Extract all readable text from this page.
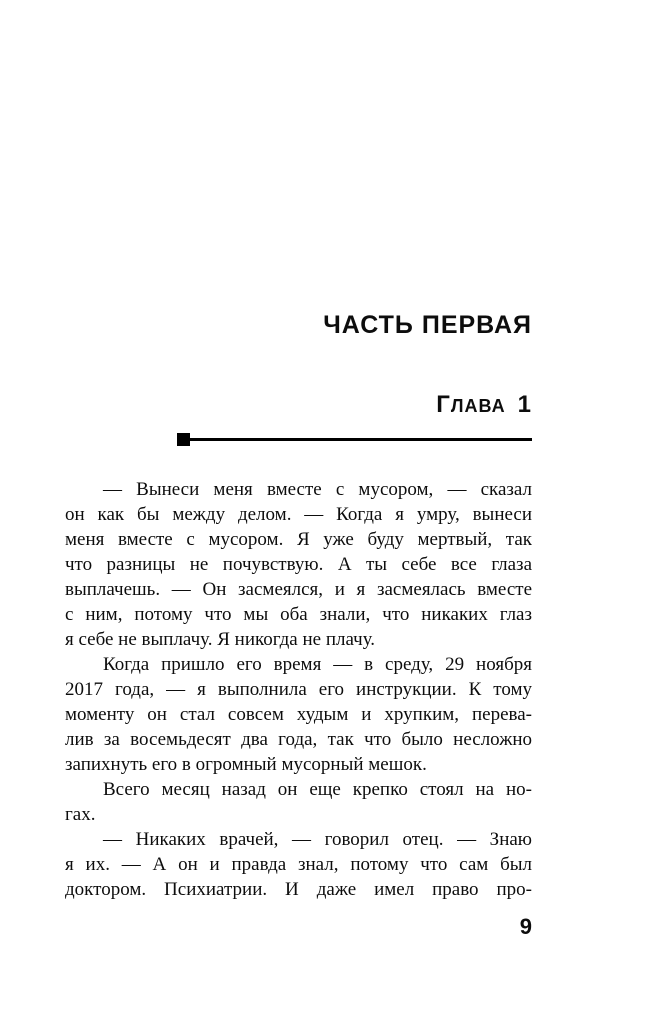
ЧАСТЬ ПЕРВАЯ
ГЛАВА 1
— Вынеси меня вместе с мусором, — сказал
он как бы между делом. — Когда я умру, вынеси
меня вместе с мусором. Я уже буду мертвый, так
что разницы не почувствую. А ты себе все глаза
выплачешь. — Он засмеялся, и я засмеялась вместе
с ним, потому что мы оба знали, что никаких глаз
я себе не выплачу. Я никогда не плачу.
Когда пришло его время — в среду, 29 ноября
2017 года, — я выполнила его инструкции. К тому
моменту он стал совсем худым и хрупким, перева-
лив за восемьдесят два года, так что было несложно
запихнуть его в огромный мусорный мешок.
Всего месяц назад он еще крепко стоял на но-
гах.
— Никаких врачей, — говорил отец. — Знаю
я их. — А он и правда знал, потому что сам был
доктором. Психиатрии. И даже имел право про-
9
